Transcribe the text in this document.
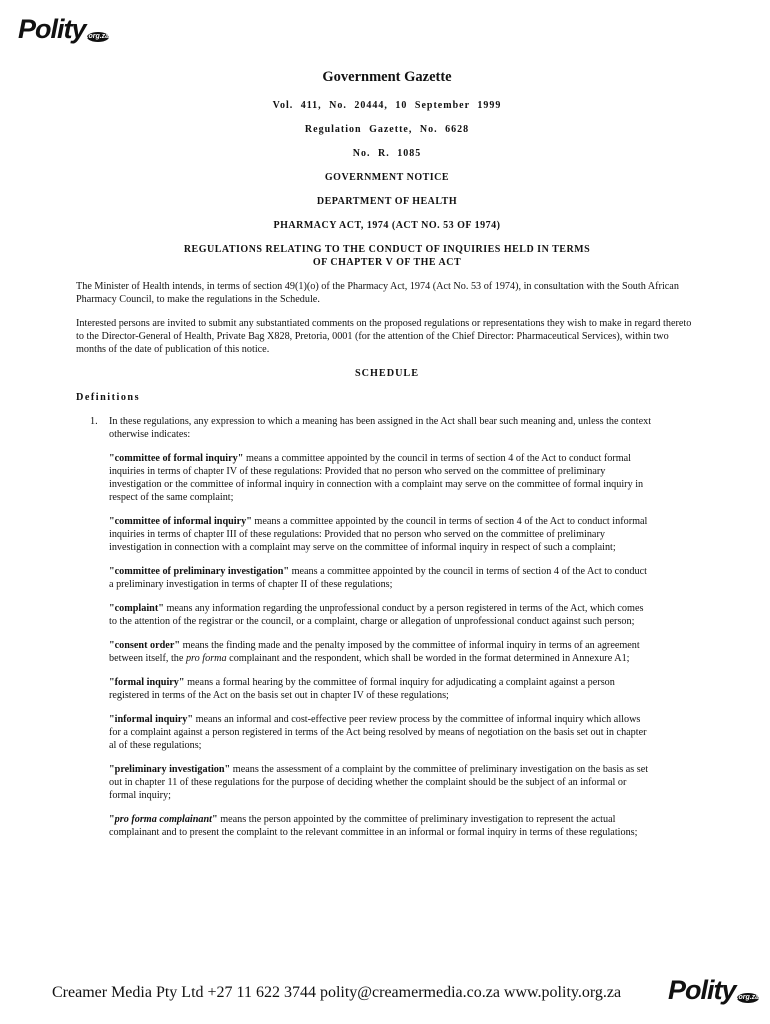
Polity .org.za
Government Gazette
Vol. 411, No. 20444, 10 September 1999
Regulation Gazette, No. 6628
No. R. 1085
GOVERNMENT NOTICE
DEPARTMENT OF HEALTH
PHARMACY ACT, 1974 (ACT NO. 53 OF 1974)
REGULATIONS RELATING TO THE CONDUCT OF INQUIRIES HELD IN TERMS
OF CHAPTER V OF THE ACT

The Minister of Health intends, in terms of section 49(1)(o) of the Pharmacy Act, 1974 (Act No. 53 of 1974), in consultation with the South African Pharmacy Council, to make the regulations in the Schedule.

Interested persons are invited to submit any substantiated comments on the proposed regulations or representations they wish to make in regard thereto to the Director-General of Health, Private Bag X828, Pretoria, 0001 (for the attention of the Chief Director: Pharmaceutical Services), within two months of the date of publication of this notice.

SCHEDULE
Definitions
1.	In these regulations, any expression to which a meaning has been assigned in the Act shall bear such meaning and, unless the context otherwise indicates:

"committee of formal inquiry" means a committee appointed by the council in terms of section 4 of the Act to conduct formal inquiries in terms of chapter IV of these regulations: Provided that no person who served on the committee of preliminary investigation or the committee of informal inquiry in connection with a complaint may serve on the committee of formal inquiry in respect of the same complaint;

"committee of informal inquiry" means a committee appointed by the council in terms of section 4 of the Act to conduct informal inquiries in terms of chapter III of these regulations: Provided that no person who served on the committee of preliminary investigation in connection with a complaint may serve on the committee of informal inquiry in respect of such a complaint;

"committee of preliminary investigation" means a committee appointed by the council in terms of section 4 of the Act to conduct a preliminary investigation in terms of chapter II of these regulations;

"complaint" means any information regarding the unprofessional conduct by a person registered in terms of the Act, which comes to the attention of the registrar or the council, or a complaint, charge or allegation of unprofessional conduct against such person;

"consent order" means the finding made and the penalty imposed by the committee of informal inquiry in terms of an agreement between itself, the pro forma complainant and the respondent, which shall be worded in the format determined in Annexure A1;

"formal inquiry" means a formal hearing by the committee of formal inquiry for adjudicating a complaint against a person registered in terms of the Act on the basis set out in chapter IV of these regulations;

"informal inquiry" means an informal and cost-effective peer review process by the committee of informal inquiry which allows for a complaint against a person registered in terms of the Act being resolved by means of negotiation on the basis set out in chapter al of these regulations;

"preliminary investigation" means the assessment of a complaint by the committee of preliminary investigation on the basis as set out in chapter 11 of these regulations for the purpose of deciding whether the complaint should be the subject of an informal or formal inquiry;

"pro forma complainant" means the person appointed by the committee of preliminary investigation to represent the actual complainant and to present the complaint to the relevant committee in an informal or formal inquiry in terms of these regulations;

Creamer Media Pty Ltd +27 11 622 3744 polity@creamermedia.co.za www.polity.org.za Polity .org.za
